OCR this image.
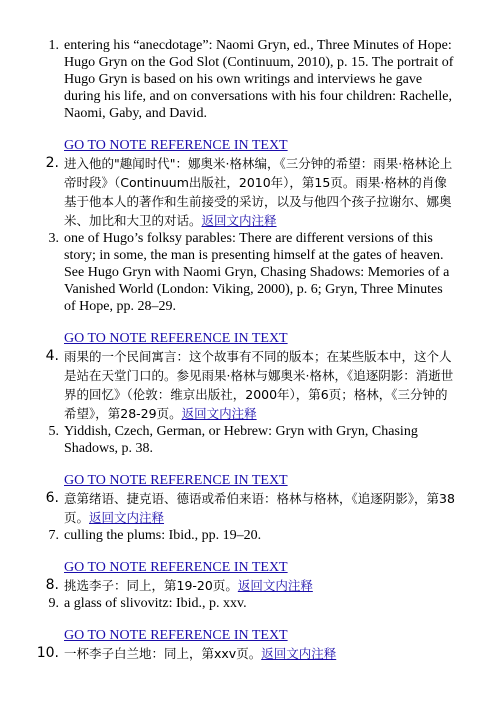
1. entering his “anecdotage”: Naomi Gryn, ed., Three Minutes of Hope: Hugo Gryn on the God Slot (Continuum, 2010), p. 15. The portrait of Hugo Gryn is based on his own writings and interviews he gave during his life, and on conversations with his four children: Rachelle, Naomi, Gaby, and David.
GO TO NOTE REFERENCE IN TEXT
2. 进入他的"趣闻时代"：娜奥米·格林编，《三分钟的希望：雨果·格林论上帝时段》（Continuum出版社，2010年），第15页。雨果·格林的肖像基于他本人的著作和生前接受的采访，以及与他四个孩子拉谢尔、娜奥米、加比和大卫的对话。返回文内注释
3. one of Hugo’s folksy parables: There are different versions of this story; in some, the man is presenting himself at the gates of heaven. See Hugo Gryn with Naomi Gryn, Chasing Shadows: Memories of a Vanished World (London: Viking, 2000), p. 6; Gryn, Three Minutes of Hope, pp. 28–29.
GO TO NOTE REFERENCE IN TEXT
4. 雨果的一个民间寓言：这个故事有不同的版本；在某些版本中，这个人是站在天堂门口的。参见雨果·格林与娜奥米·格林，《追逐阴影：消逝世界的回忆》（伦敦：维京出版社，2000年），第6页；格林，《三分钟的希望》，第28-29页。返回文内注释
5. Yiddish, Czech, German, or Hebrew: Gryn with Gryn, Chasing Shadows, p. 38.
GO TO NOTE REFERENCE IN TEXT
6. 意第绪语、捷克语、德语或希伯来语：格林与格林，《追逐阴影》，第38页。返回文内注释
7. culling the plums: Ibid., pp. 19–20.
GO TO NOTE REFERENCE IN TEXT
8. 挑选李子：同上，第19-20页。返回文内注释
9. a glass of slivovitz: Ibid., p. xxv.
GO TO NOTE REFERENCE IN TEXT
10. 一杯李子白兰地：同上，第xxv页。返回文内注释
